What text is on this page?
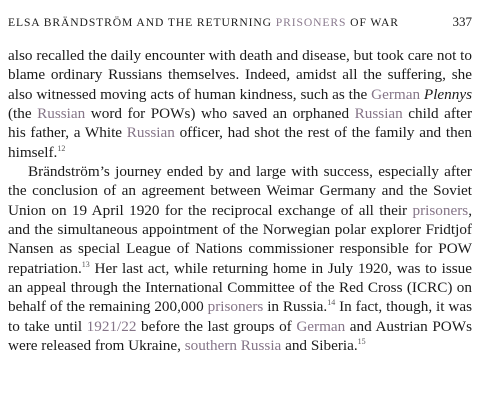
ELSA BRÄNDSTRÖM AND THE RETURNING PRISONERS OF WAR	337

also recalled the daily encounter with death and disease, but took care not to blame ordinary Russians themselves. Indeed, amidst all the suffering, she also witnessed moving acts of human kindness, such as the German Plennys (the Russian word for POWs) who saved an orphaned Russian child after his father, a White Russian officer, had shot the rest of the family and then himself.$^{12}$

Brändström’s journey ended by and large with success, especially after the conclusion of an agreement between Weimar Germany and the Soviet Union on 19 April 1920 for the reciprocal exchange of all their prisoners, and the simultaneous appointment of the Norwegian polar explorer Fridtjof Nansen as special League of Nations commissioner responsible for POW repatriation.$^{13}$ Her last act, while returning home in July 1920, was to issue an appeal through the International Committee of the Red Cross (ICRC) on behalf of the remaining 200,000 prisoners in Russia.$^{14}$ In fact, though, it was to take until 1921/22 before the last groups of German and Austrian POWs were released from Ukraine, southern Russia and Siberia.$^{15}$
